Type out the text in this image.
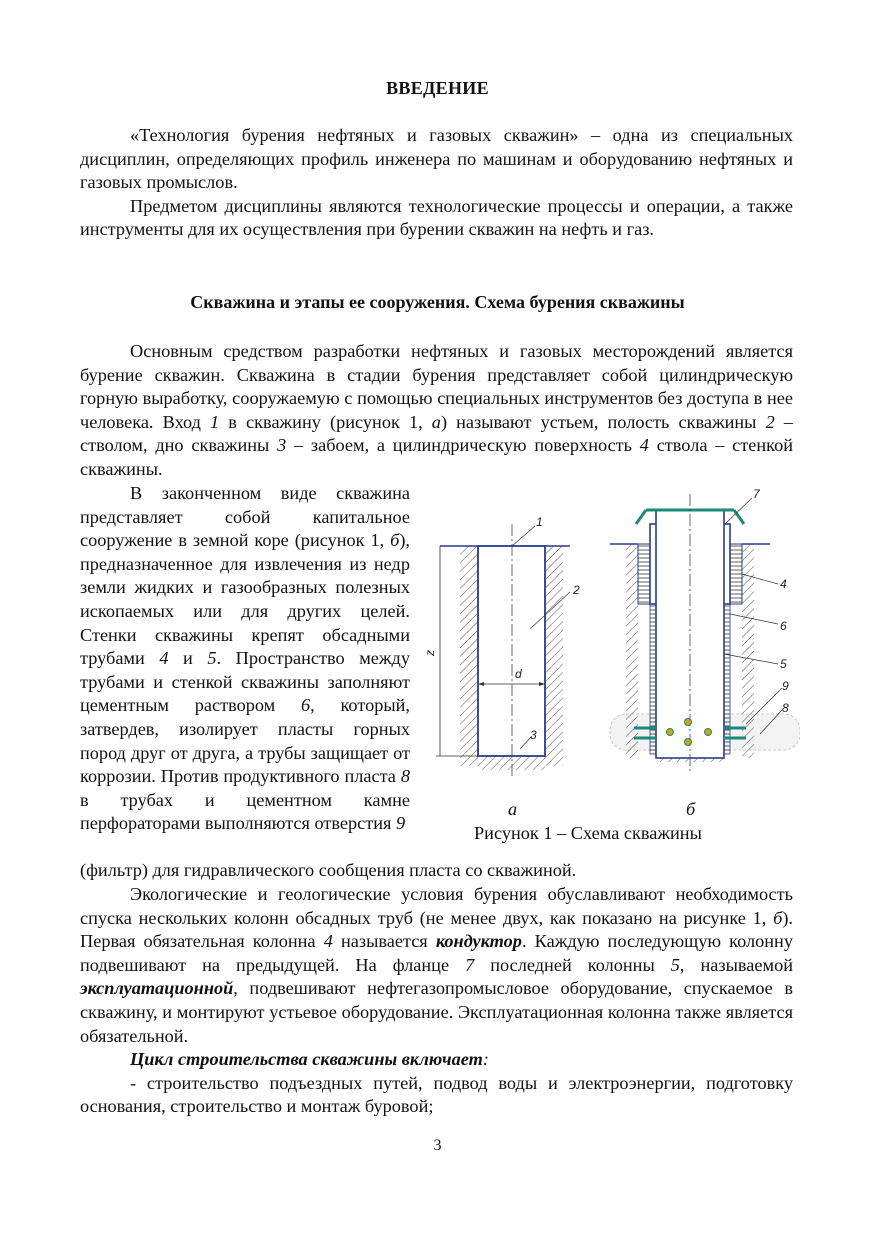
ВВЕДЕНИЕ

«Технология бурения нефтяных и газовых скважин» – одна из специальных дисциплин, определяющих профиль инженера по машинам и оборудованию нефтяных и газовых промыслов.

Предметом дисциплины являются технологические процессы и операции, а также инструменты для их осуществления при бурении скважин на нефть и газ.

Скважина и этапы ее сооружения. Схема бурения скважины

Основным средством разработки нефтяных и газовых месторождений является бурение скважин. Скважина в стадии бурения представляет собой цилиндрическую горную выработку, сооружаемую с помощью специальных инструментов без доступа в нее человека. Вход 1 в скважину (рисунок 1, а) называют устьем, полость скважины 2 – стволом, дно скважины 3 – забоем, а цилиндрическую поверхность 4 ствола – стенкой скважины.

В законченном виде скважина представляет собой капитальное сооружение в земной коре (рисунок 1, б), предназначенное для извлечения из недр земли жидких и газообразных полезных ископаемых или для других целей. Стенки скважины крепят обсадными трубами 4 и 5. Пространство между трубами и стенкой скважины заполняют цементным раствором 6, который, затвердев, изолирует пласты горных пород друг от друга, а трубы защищает от коррозии. Против продуктивного пласта 8 в трубах и цементном камне перфораторами выполняются отверстия 9

(фильтр) для гидравлического сообщения пласта со скважиной.
1
2
3
d
z
7
4
6
5
9
8
а	б
Рисунок 1 – Схема скважины

Экологические и геологические условия бурения обуславливают необходимость спуска нескольких колонн обсадных труб (не менее двух, как показано на рисунке 1, б). Первая обязательная колонна 4 называется кондуктор. Каждую последующую колонну подвешивают на предыдущей. На фланце 7 последней колонны 5, называемой эксплуатационной, подвешивают нефтегазопромысловое оборудование, спускаемое в скважину, и монтируют устьевое оборудование. Эксплуатационная колонна также является обязательной.

Цикл строительства скважины включает:

- строительство подъездных путей, подвод воды и электроэнергии, подготовку основания, строительство и монтаж буровой;

3
